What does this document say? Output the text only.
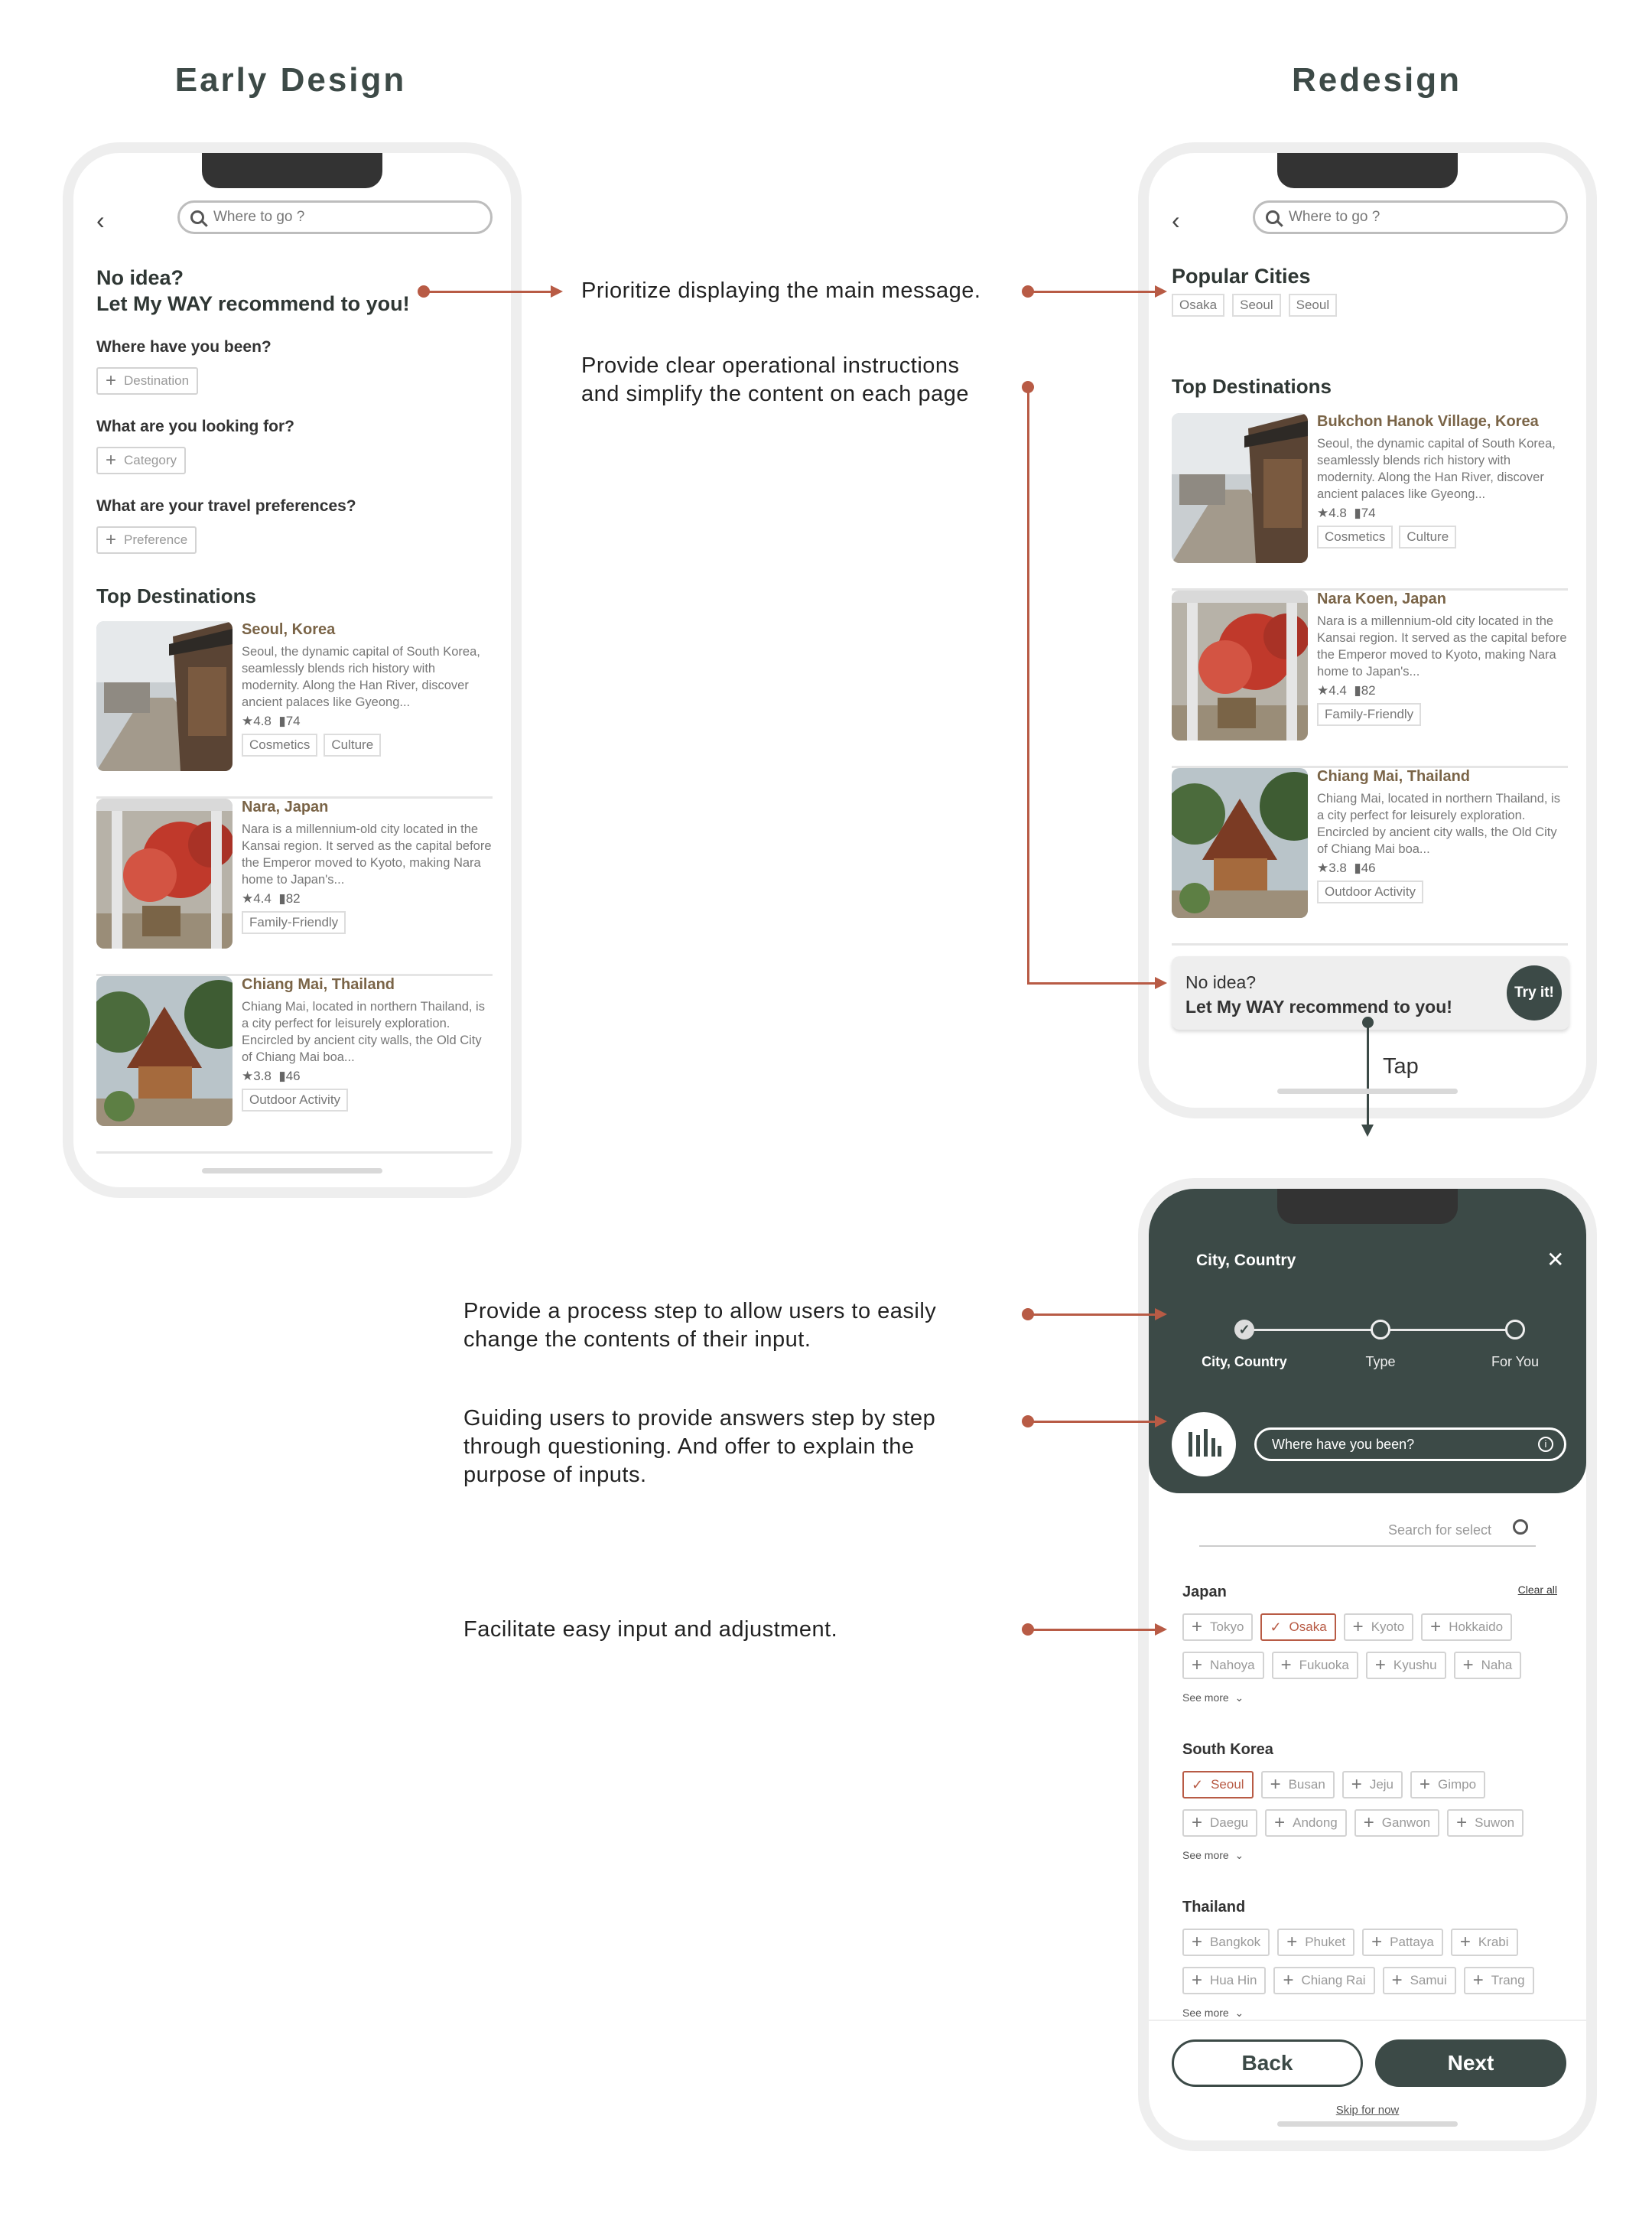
Early Design	Redesign
‹	Where to go ?
No idea?
Let My WAY recommend to you!
Where have you been?
+ Destination
What are you looking for?
+ Category
What are your travel preferences?
+ Preference
Top Destinations
Seoul, Korea
Seoul, the dynamic capital of South Korea, seamlessly blends rich history with modernity. Along the Han River, discover ancient palaces like Gyeong...
★4.8 ▮74
Cosmetics Culture
Nara, Japan
Nara is a millennium-old city located in the Kansai region. It served as the capital before the Emperor moved to Kyoto, making Nara home to Japan's...
★4.4 ▮82
Family-Friendly
Chiang Mai, Thailand
Chiang Mai, located in northern Thailand, is a city perfect for leisurely exploration. Encircled by ancient city walls, the Old City of Chiang Mai boa...
★3.8 ▮46
Outdoor Activity
‹	Where to go ?
Popular Cities
Osaka	Seoul	Seoul
Top Destinations
Bukchon Hanok Village, Korea
Seoul, the dynamic capital of South Korea, seamlessly blends rich history with modernity. Along the Han River, discover ancient palaces like Gyeong...
★4.8 ▮74
Cosmetics Culture
Nara Koen, Japan
Nara is a millennium-old city located in the Kansai region. It served as the capital before the Emperor moved to Kyoto, making Nara home to Japan's...
★4.4 ▮82
Family-Friendly
Chiang Mai, Thailand
Chiang Mai, located in northern Thailand, is a city perfect for leisurely exploration. Encircled by ancient city walls, the Old City of Chiang Mai boa...
★3.8 ▮46
Outdoor Activity
No idea?
Let My WAY recommend to you!
Try it!
City, Country	✕
✓
City, Country	Type	For You
Where have you been?	i
Search for select
Japan	Clear all
+ Tokyo ✓ Osaka + Kyoto + Hokkaido
+ Nahoya + Fukuoka + Kyushu + Naha
See more ⌄
South Korea
✓ Seoul + Busan + Jeju + Gimpo
+ Daegu + Andong + Ganwon + Suwon
See more ⌄
Thailand
+ Bangkok + Phuket + Pattaya + Krabi
+ Hua Hin + Chiang Rai + Samui + Trang
See more ⌄
Back	Next
Skip for now
Tap
Prioritize displaying the main message.
Provide clear operational instructions
and simplify the content on each page
Provide a process step to allow users to easily
change the contents of their input.
Guiding users to provide answers step by step
through questioning. And offer to explain the
purpose of inputs.
Facilitate easy input and adjustment.
